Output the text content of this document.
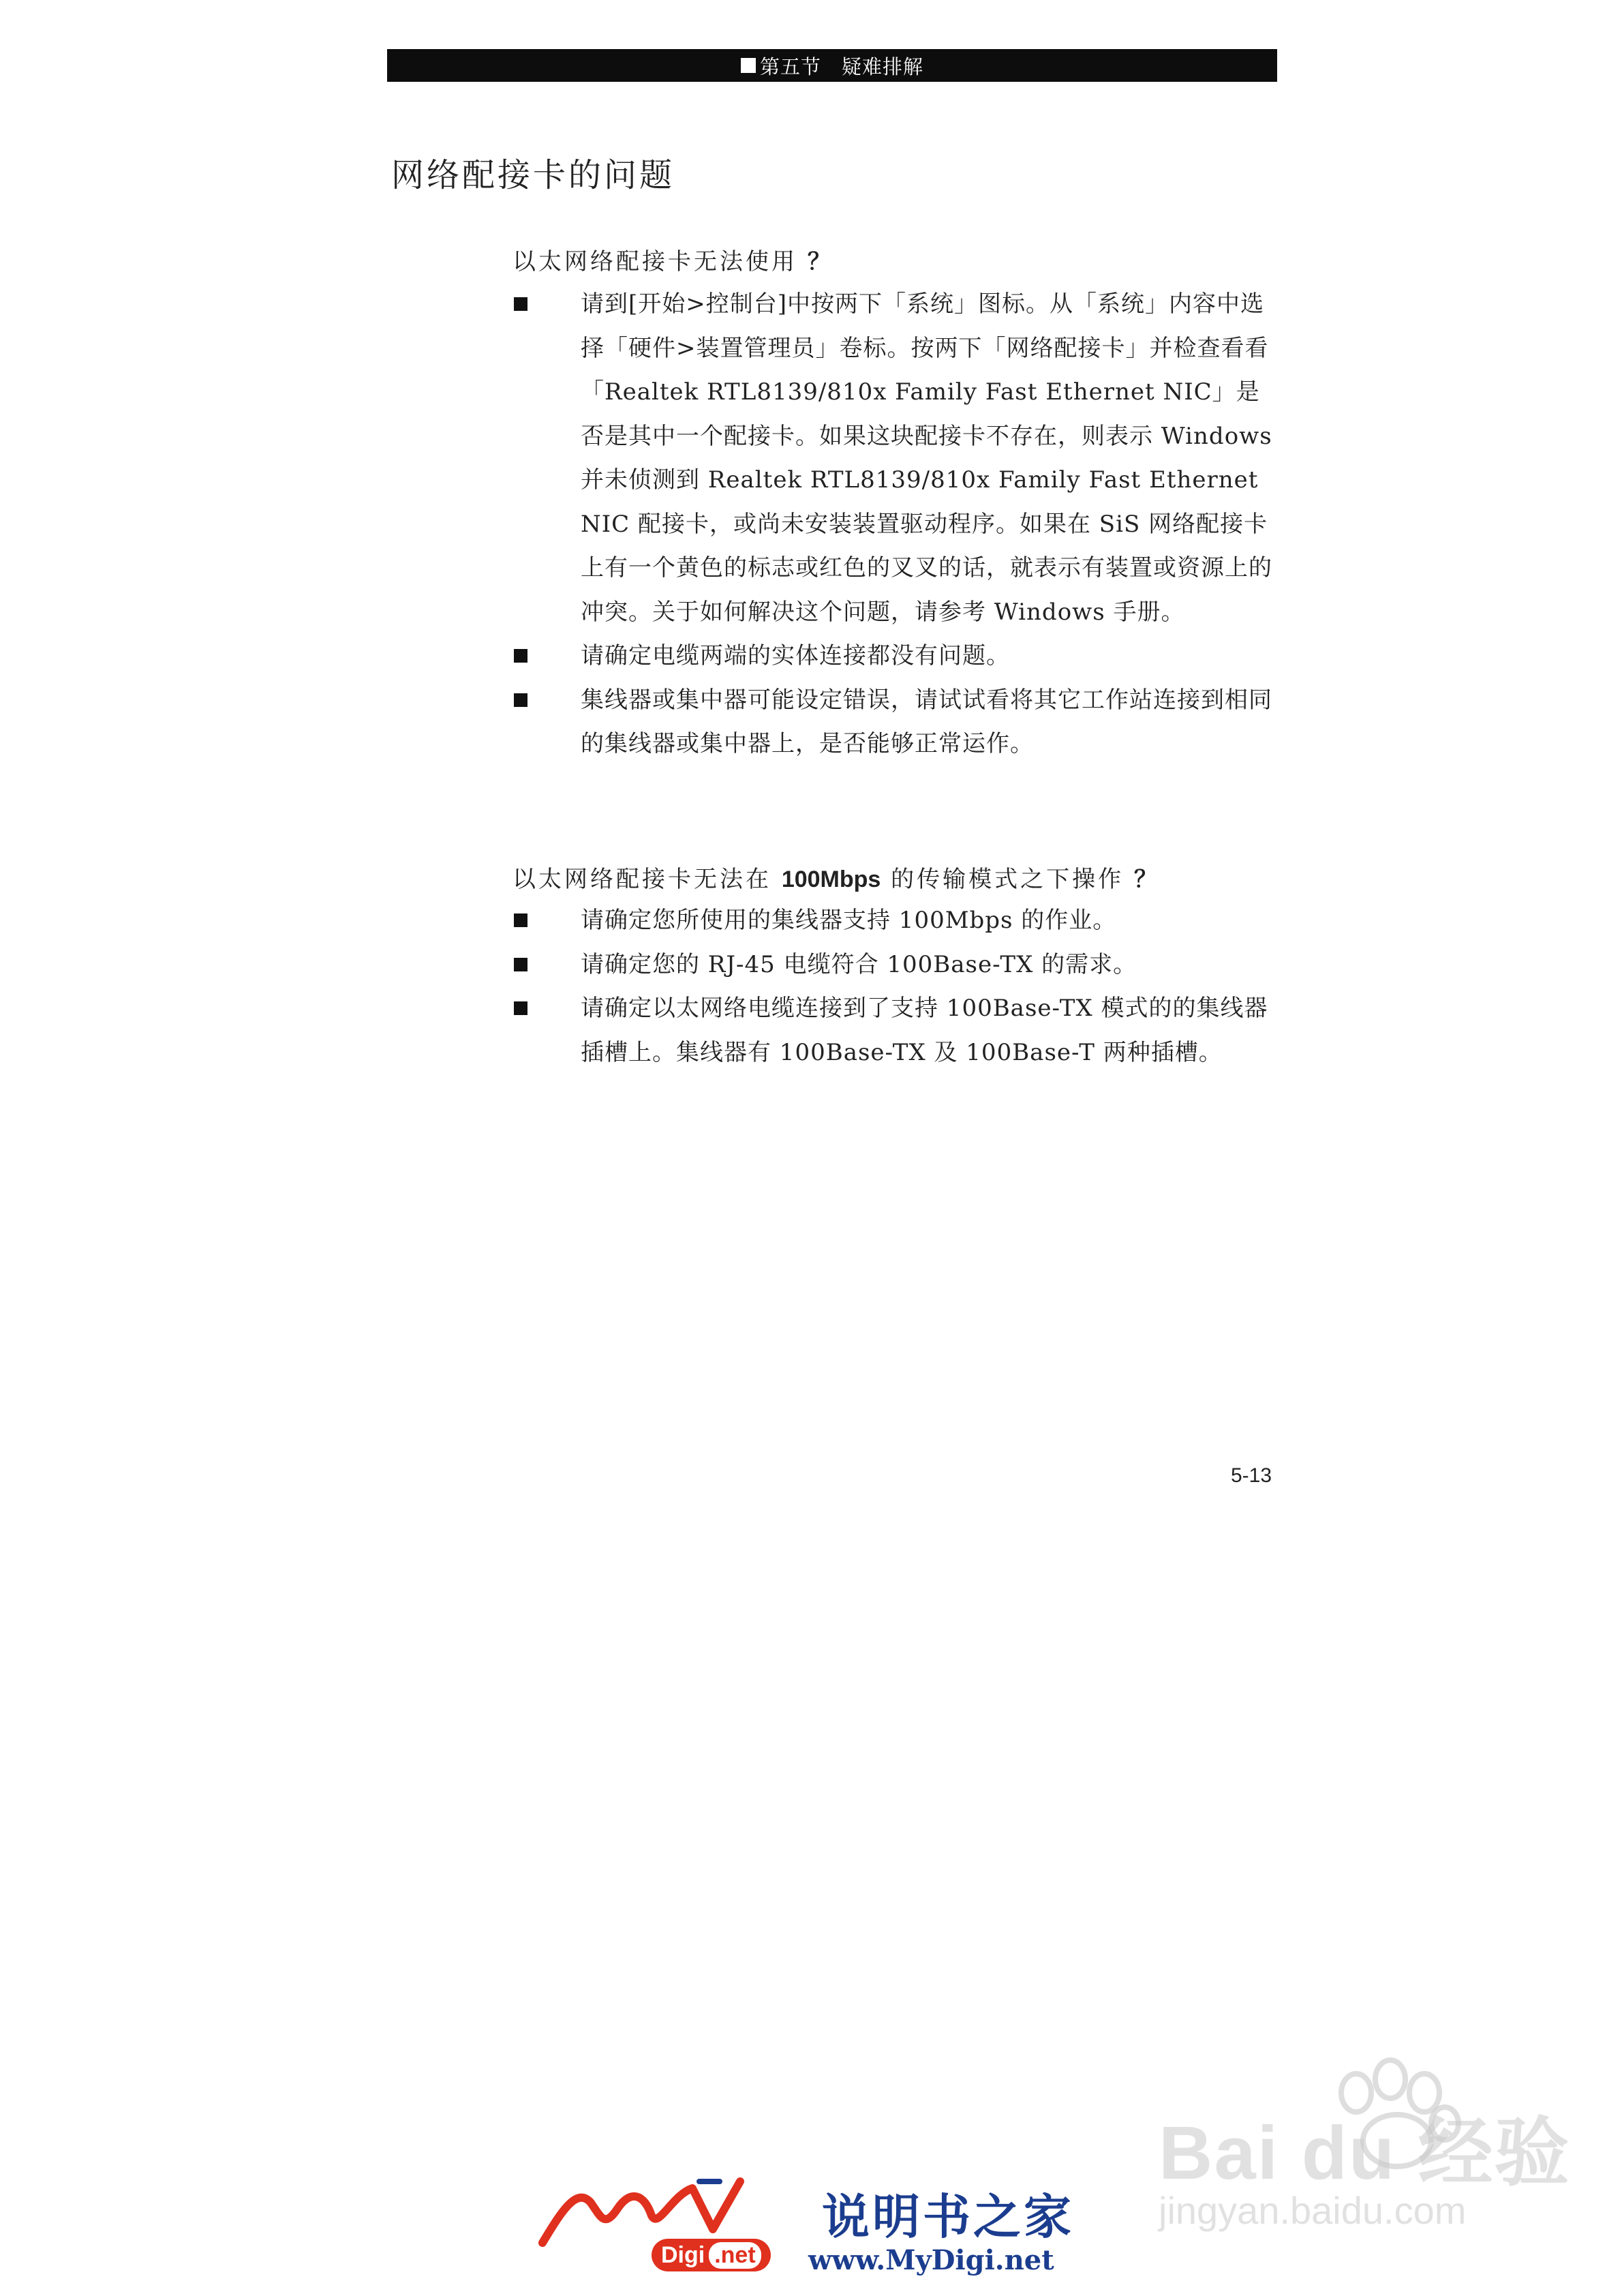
第五节　疑难排解
网络配接卡的问题
以太网络配接卡无法使用 ？
请到[开始>控制台]中按两下「系统」图标。从「系统」内容中选择「硬件>装置管理员」卷标。按两下「网络配接卡」并检查看看「Realtek RTL8139/810x Family Fast Ethernet NIC」是否是其中一个配接卡。如果这块配接卡不存在，则表示 Windows 并未侦测到 Realtek RTL8139/810x Family Fast Ethernet NIC 配接卡，或尚未安装装置驱动程序。如果在 SiS 网络配接卡上有一个黄色的标志或红色的叉叉的话，就表示有装置或资源上的冲突。关于如何解决这个问题，请参考 Windows 手册。
请确定电缆两端的实体连接都没有问题。
集线器或集中器可能设定错误，请试试看将其它工作站连接到相同的集线器或集中器上，是否能够正常运作。
以太网络配接卡无法在 100Mbps 的传输模式之下操作 ？
请确定您所使用的集线器支持 100Mbps 的作业。
请确定您的 RJ-45 电缆符合 100Base-TX 的需求。
请确定以太网络电缆连接到了支持 100Base-TX 模式的的集线器插槽上。集线器有 100Base-TX 及 100Base-T 两种插槽。
5-13
Bai du 经验
jingyan.baidu.com
Digi .net
说明书之家
www.MyDigi.net
